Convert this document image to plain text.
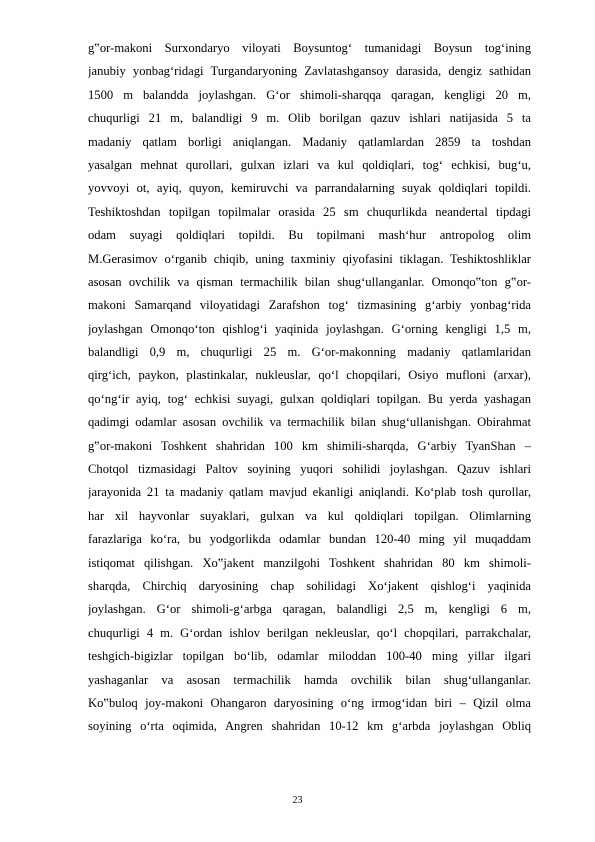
g‟or-makoni Surxondaryo viloyati Boysuntog‘ tumanidagi Boysun tog‘ining
janubiy yonbag‘ridagi Turgandaryoning Zavlatashgansoy darasida, dengiz sathidan
1500 m balandda joylashgan. G‘or shimoli-sharqqa qaragan, kengligi 20 m,
chuqurligi 21 m, balandligi 9 m. Olib borilgan qazuv ishlari natijasida 5 ta
madaniy qatlam borligi aniqlangan. Madaniy qatlamlardan 2859 ta toshdan
yasalgan mehnat qurollari, gulxan izlari va kul qoldiqlari, tog‘ echkisi, bug‘u,
yovvoyi ot, ayiq, quyon, kemiruvchi va parrandalarning suyak qoldiqlari topildi.
Teshiktoshdan topilgan topilmalar orasida 25 sm chuqurlikda neandertal tipdagi
odam suyagi qoldiqlari topildi. Bu topilmani mash‘hur antropolog olim
M.Gerasimov o‘rganib chiqib, uning taxminiy qiyofasini tiklagan. Teshiktoshliklar
asosan ovchilik va qisman termachilik bilan shug‘ullanganlar. Omonqo‟ton g‟or-
makoni Samarqand viloyatidagi Zarafshon tog‘ tizmasining g‘arbiy yonbag‘rida
joylashgan Omonqo‘ton qishlog‘i yaqinida joylashgan. G‘orning kengligi 1,5 m,
balandligi 0,9 m, chuqurligi 25 m. G‘or-makonning madaniy qatlamlaridan
qirg‘ich, paykon, plastinkalar, nukleuslar, qo‘l chopqilari, Osiyo mufloni (arxar),
qo‘ng‘ir ayiq, tog‘ echkisi suyagi, gulxan qoldiqlari topilgan. Bu yerda yashagan
qadimgi odamlar asosan ovchilik va termachilik bilan shug‘ullanishgan. Obirahmat
g‟or-makoni Toshkent shahridan 100 km shimili-sharqda, G‘arbiy TyanShan –
Chotqol tizmasidagi Paltov soyining yuqori sohilidi joylashgan. Qazuv ishlari
jarayonida 21 ta madaniy qatlam mavjud ekanligi aniqlandi. Ko‘plab tosh qurollar,
har xil hayvonlar suyaklari, gulxan va kul qoldiqlari topilgan. Olimlarning
farazlariga ko‘ra, bu yodgorlikda odamlar bundan 120-40 ming yil muqaddam
istiqomat qilishgan. Xo‟jakent manzilgohi Toshkent shahridan 80 km shimoli-
sharqda, Chirchiq daryosining chap sohilidagi Xo‘jakent qishlog‘i yaqinida
joylashgan. G‘or shimoli-g‘arbga qaragan, balandligi 2,5 m, kengligi 6 m,
chuqurligi 4 m. G‘ordan ishlov berilgan nekleuslar, qo‘l chopqilari, parrakchalar,
teshgich-bigizlar topilgan bo‘lib, odamlar miloddan 100-40 ming yillar ilgari
yashaganlar va asosan termachilik hamda ovchilik bilan shug‘ullanganlar.
Ko‟buloq joy-makoni Ohangaron daryosining o‘ng irmog‘idan biri – Qizil olma
soyining o‘rta oqimida, Angren shahridan 10-12 km g‘arbda joylashgan Obliq
23
